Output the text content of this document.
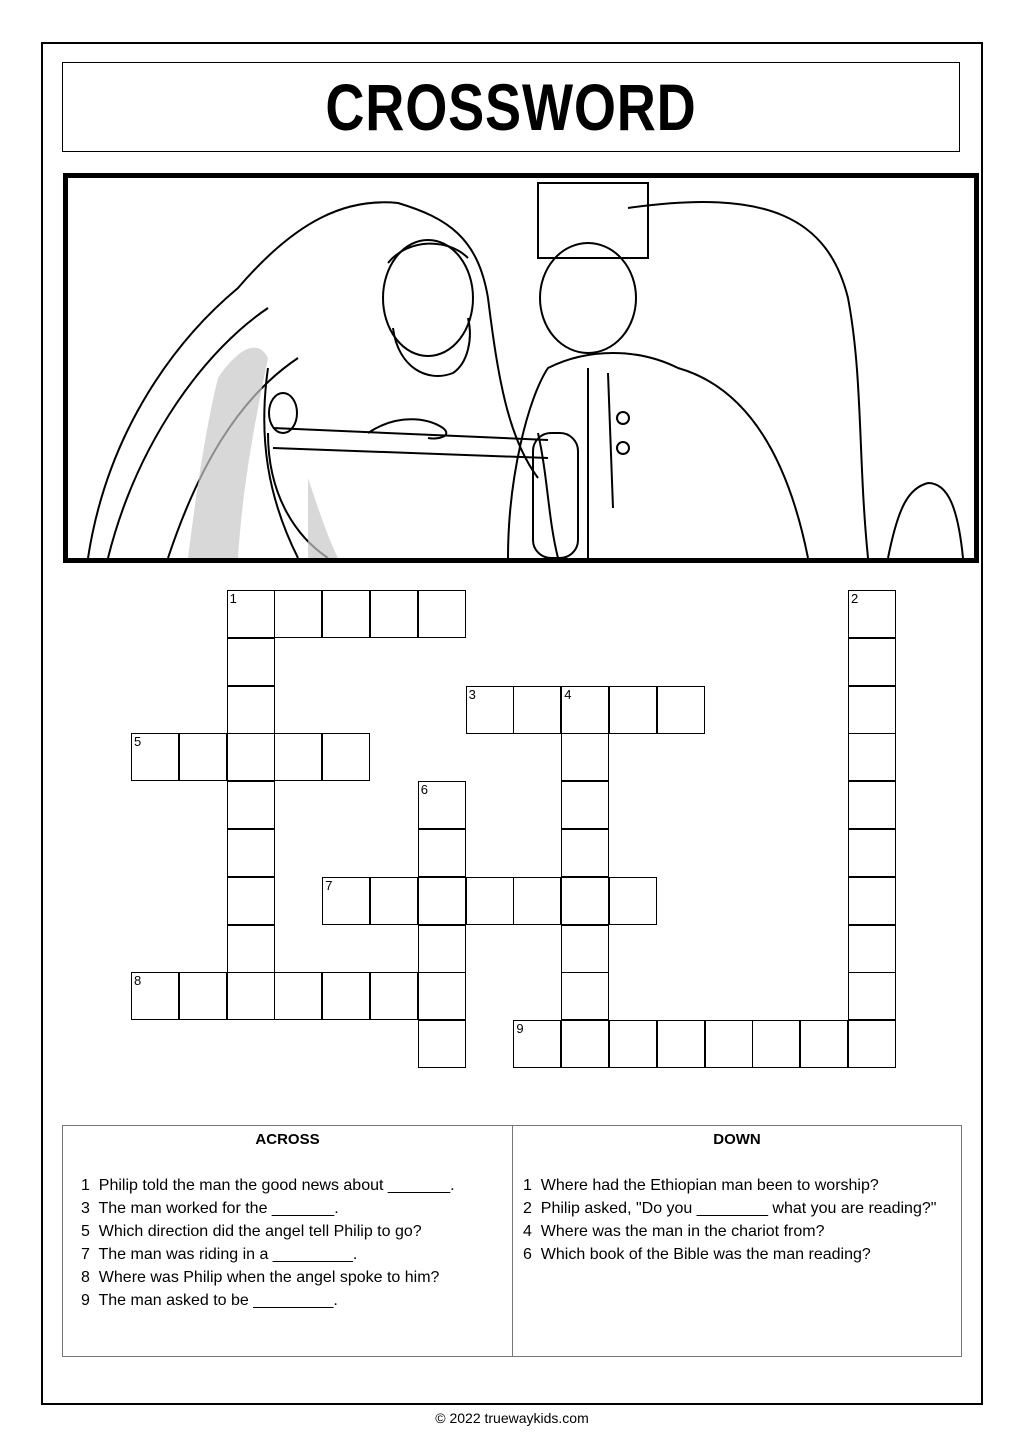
CROSSWORD
1
3	4
5
7
8
9
2
6
ACROSS
1  Philip told the man the good news about _______.
3  The man worked for the _______.
5  Which direction did the angel tell Philip to go?
7  The man was riding in a _________.
8  Where was Philip when the angel spoke to him?
9  The man asked to be _________.
DOWN
1  Where had the Ethiopian man been to worship?
2  Philip asked, "Do you ________ what you are reading?"
4  Where was the man in the chariot from?
6  Which book of the Bible was the man reading?
© 2022 truewaykids.com
